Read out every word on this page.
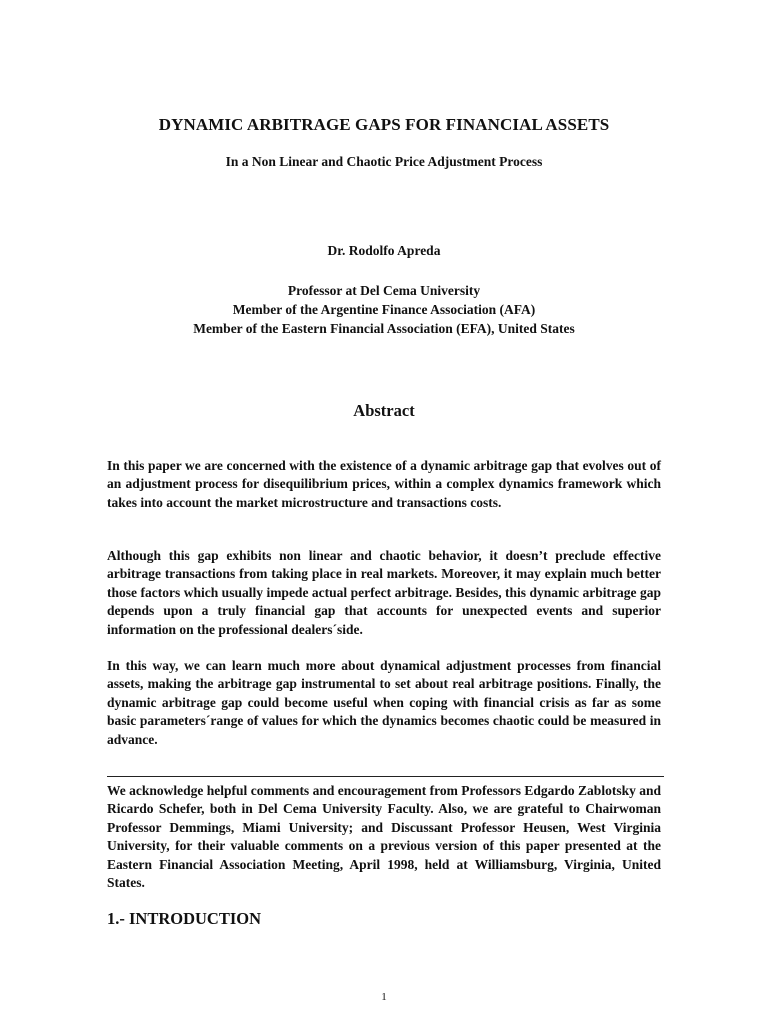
DYNAMIC ARBITRAGE GAPS FOR FINANCIAL ASSETS
In a Non Linear and Chaotic Price Adjustment Process
Dr. Rodolfo Apreda
Professor at Del Cema University
Member of the Argentine Finance Association (AFA)
Member of the Eastern Financial Association (EFA), United States
Abstract
In this paper we are concerned with the existence of a dynamic arbitrage gap that evolves out of an adjustment process for disequilibrium prices, within a complex dynamics framework which takes into account the market microstructure and transactions costs.
Although this gap exhibits non linear and chaotic behavior, it doesn’t preclude effective arbitrage transactions from taking place in real markets. Moreover, it may explain much better those factors which usually impede actual perfect arbitrage. Besides, this dynamic arbitrage gap depends upon a truly financial gap that accounts for unexpected events and superior information on the professional dealers´side.
In this way, we can learn much more about dynamical adjustment processes from financial assets, making the arbitrage gap instrumental to set about real arbitrage positions. Finally, the dynamic arbitrage gap could become useful when coping with financial crisis as far as some basic parameters´range of values for which the dynamics becomes chaotic could be measured in advance.
We acknowledge helpful comments and encouragement from Professors Edgardo Zablotsky and Ricardo Schefer, both in Del Cema University Faculty. Also, we are grateful to Chairwoman Professor Demmings, Miami University; and Discussant Professor Heusen, West Virginia University, for their valuable comments on a previous version of this paper presented at the Eastern Financial Association Meeting, April 1998, held at Williamsburg, Virginia, United States.
1.- INTRODUCTION
1
